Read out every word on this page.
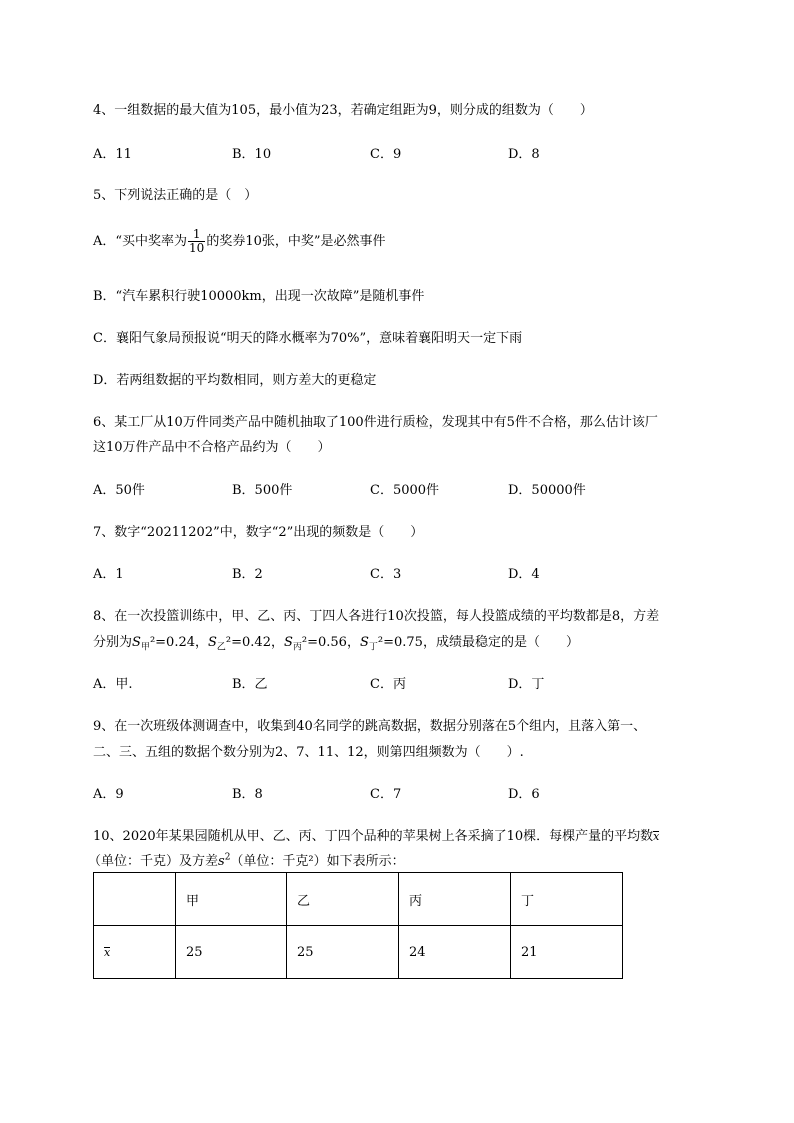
4、一组数据的最大值为105，最小值为23，若确定组距为9，则分成的组数为（　　）
A．11	B．10	C．9	D．8
5、下列说法正确的是（　）
A．“买中奖率为 $\frac{1}{10}$ 的奖券10张，中奖”是必然事件
B．“汽车累积行驶10000km，出现一次故障”是随机事件
C．襄阳气象局预报说“明天的降水概率为70%”，意味着襄阳明天一定下雨
D．若两组数据的平均数相同，则方差大的更稳定
6、某工厂从10万件同类产品中随机抽取了100件进行质检，发现其中有5件不合格，那么估计该厂
这10万件产品中不合格产品约为（　　）
A．50件	B．500件	C．5000件	D．50000件
7、数字“20211202”中，数字“2”出现的频数是（　　）
A．1	B．2	C．3	D．4
8、在一次投篮训练中，甲、乙、丙、丁四人各进行10次投篮，每人投篮成绩的平均数都是8，方差
分别为$S_甲^2=0.24$，$S_乙^2=0.42$，$S_丙^2=0.56$，$S_丁^2=0.75$，成绩最稳定的是（　　）
A．甲.	B．乙	C．丙	D．丁
9、在一次班级体测调查中，收集到40名同学的跳高数据，数据分别落在5个组内，且落入第一、
二、三、五组的数据个数分别为2、7、11、12，则第四组频数为（　　）.
A．9	B．8	C．7	D．6
10、2020年某果园随机从甲、乙、丙、丁四个品种的苹果树上各采摘了10棵．每棵产量的平均数x
（单位：千克）及方差$s^2$（单位：千克²）如下表所示：
	甲	乙	丙	丁
x	25	25	24	21
